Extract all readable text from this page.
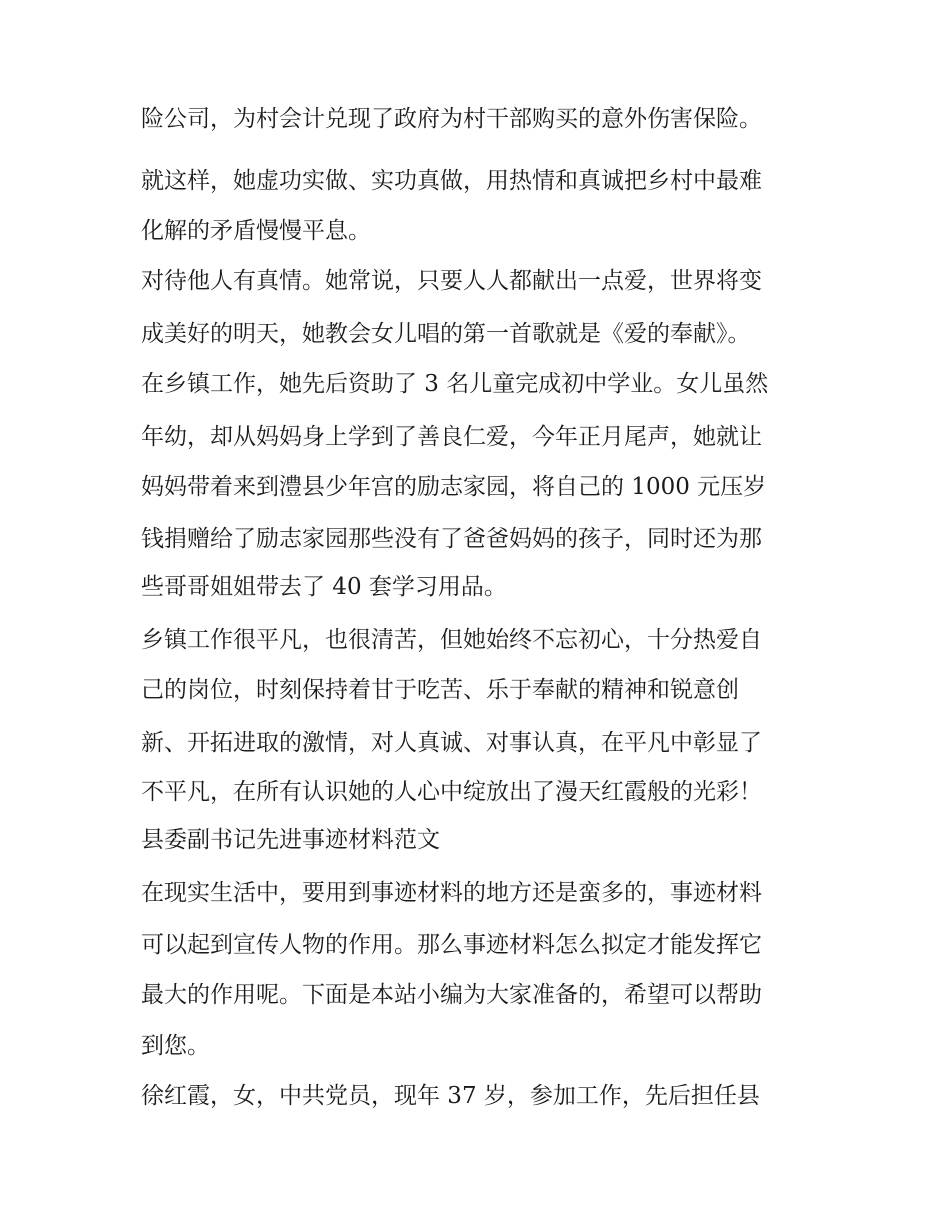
险公司，为村会计兑现了政府为村干部购买的意外伤害保险。
就这样，她虚功实做、实功真做，用热情和真诚把乡村中最难
化解的矛盾慢慢平息。
对待他人有真情。她常说，只要人人都献出一点爱，世界将变
成美好的明天，她教会女儿唱的第一首歌就是《爱的奉献》。
在乡镇工作，她先后资助了 3 名儿童完成初中学业。女儿虽然
年幼，却从妈妈身上学到了善良仁爱，今年正月尾声，她就让
妈妈带着来到澧县少年宫的励志家园，将自己的 1000 元压岁
钱捐赠给了励志家园那些没有了爸爸妈妈的孩子，同时还为那
些哥哥姐姐带去了 40 套学习用品。
乡镇工作很平凡，也很清苦，但她始终不忘初心，十分热爱自
己的岗位，时刻保持着甘于吃苦、乐于奉献的精神和锐意创
新、开拓进取的激情，对人真诚、对事认真，在平凡中彰显了
不平凡，在所有认识她的人心中绽放出了漫天红霞般的光彩！
县委副书记先进事迹材料范文
在现实生活中，要用到事迹材料的地方还是蛮多的，事迹材料
可以起到宣传人物的作用。那么事迹材料怎么拟定才能发挥它
最大的作用呢。下面是本站小编为大家准备的，希望可以帮助
到您。
徐红霞，女，中共党员，现年 37 岁，参加工作，先后担任县
